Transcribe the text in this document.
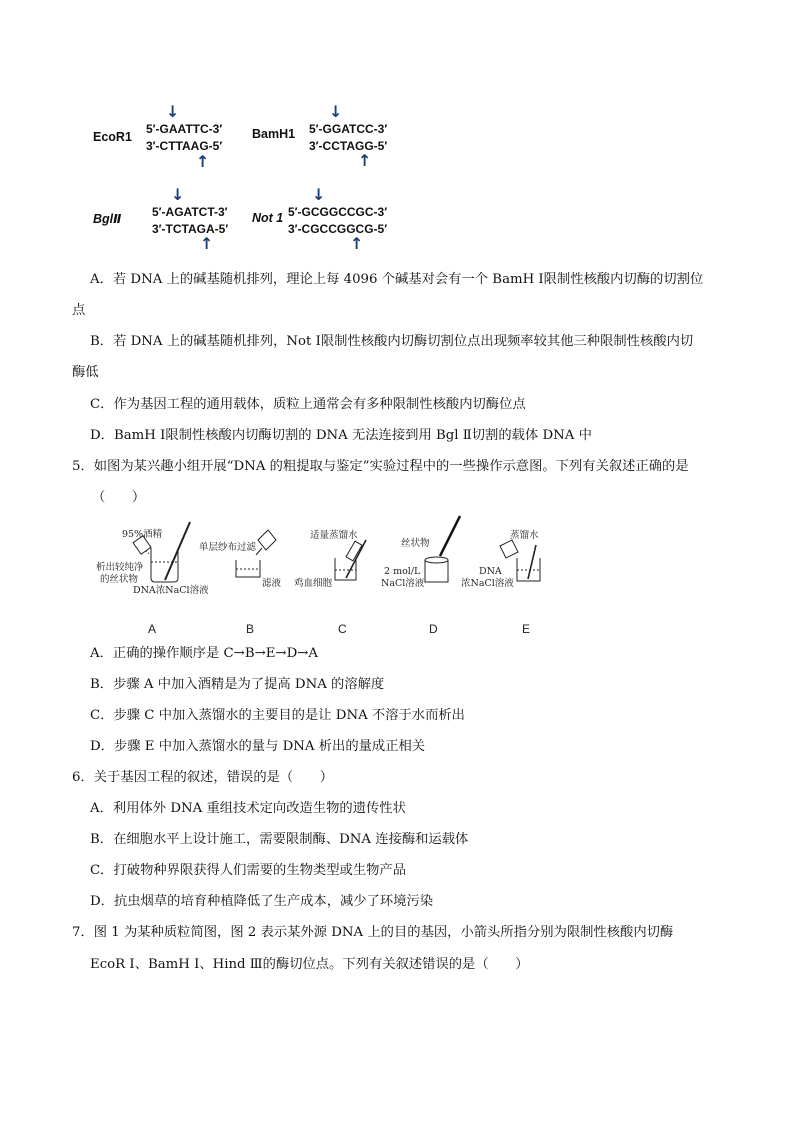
EcoR1
↓
5′-GAATTC-3′
3′-CTTAAG-5′
↑
BamH1
↓
5′-GGATCC-3′
3′-CCTAGG-5′
↑
BglⅡ
↓
5′-AGATCT-3′
3′-TCTAGA-5′
↑
Not 1
↓
5′-GCGGCCGC-3′
3′-CGCCGGCG-5′
↑
A．若 DNA 上的碱基随机排列，理论上每 4096 个碱基对会有一个 BamH Ⅰ限制性核酸内切酶的切割位
点
B．若 DNA 上的碱基随机排列，Not Ⅰ限制性核酸内切酶切割位点出现频率较其他三种限制性核酸内切
酶低
C．作为基因工程的通用载体，质粒上通常会有多种限制性核酸内切酶位点
D．BamH Ⅰ限制性核酸内切酶切割的 DNA 无法连接到用 Bgl Ⅱ切割的载体 DNA 中
5．如图为某兴趣小组开展“DNA 的粗提取与鉴定”实验过程中的一些操作示意图。下列有关叙述正确的是
（　　）
95%酒精
析出较纯净
的丝状物
DNA浓NaCl溶液
单层纱布过滤
滤液
适量蒸馏水
鸡血细胞
丝状物
2 mol/L
NaCl溶液
蒸馏水
DNA
浓NaCl溶液
A	B	C	D	E
A．正确的操作顺序是 C→B→E→D→A
B．步骤 A 中加入酒精是为了提高 DNA 的溶解度
C．步骤 C 中加入蒸馏水的主要目的是让 DNA 不溶于水而析出
D．步骤 E 中加入蒸馏水的量与 DNA 析出的量成正相关
6．关于基因工程的叙述，错误的是（　　）
A．利用体外 DNA 重组技术定向改造生物的遗传性状
B．在细胞水平上设计施工，需要限制酶、DNA 连接酶和运载体
C．打破物种界限获得人们需要的生物类型或生物产品
D．抗虫烟草的培育种植降低了生产成本，减少了环境污染
7．图 1 为某种质粒简图，图 2 表示某外源 DNA 上的目的基因，小箭头所指分别为限制性核酸内切酶
EcoR Ⅰ、BamH Ⅰ、Hind Ⅲ的酶切位点。下列有关叙述错误的是（　　）
